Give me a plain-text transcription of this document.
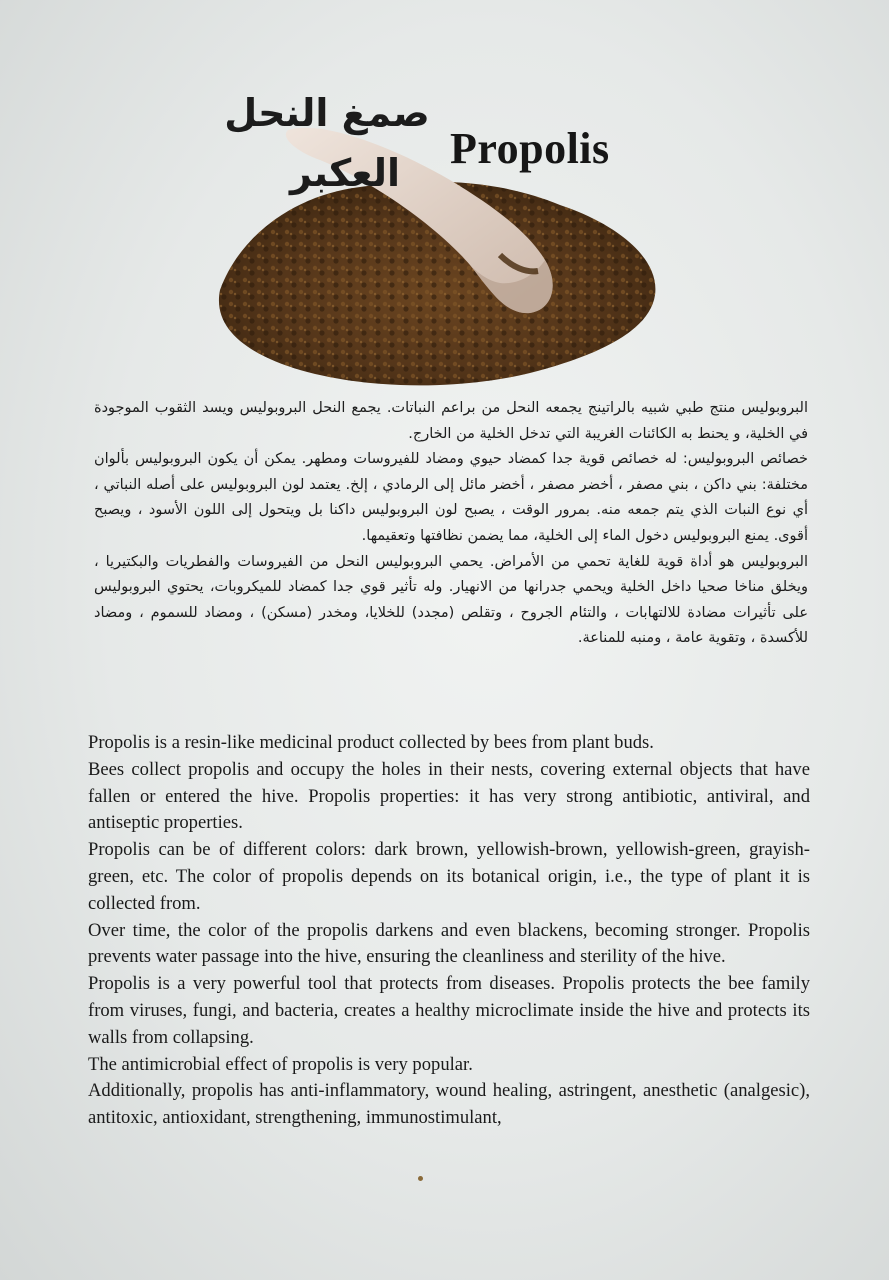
صمغ النحل
العكبر	Propolis

البروبوليس منتج طبي شبيه بالراتينج يجمعه النحل من براعم النباتات. يجمع النحل البروبوليس ويسد الثقوب الموجودة في الخلية، و يحنط به الكائنات الغريبة التي تدخل الخلية من الخارج.

خصائص البروبوليس: له خصائص قوية جدا كمضاد حيوي ومضاد للفيروسات ومطهر. يمكن أن يكون البروبوليس بألوان مختلفة: بني داكن ، بني مصفر ، أخضر مصفر ، أخضر مائل إلى الرمادي ، إلخ. يعتمد لون البروبوليس على أصله النباتي ، أي نوع النبات الذي يتم جمعه منه. بمرور الوقت ، يصبح لون البروبوليس داكنا بل ويتحول إلى اللون الأسود ، ويصبح أقوى. يمنع البروبوليس دخول الماء إلى الخلية، مما يضمن نظافتها وتعقيمها.

البروبوليس هو أداة قوية للغاية تحمي من الأمراض. يحمي البروبوليس النحل من الفيروسات والفطريات والبكتيريا ، ويخلق مناخا صحيا داخل الخلية ويحمي جدرانها من الانهيار. وله تأثير قوي جدا كمضاد للميكروبات، يحتوي البروبوليس على تأثيرات مضادة للالتهابات ، والتئام الجروح ، وتقلص (مجدد) للخلايا، ومخدر (مسكن) ، ومضاد للسموم ، ومضاد للأكسدة ، وتقوية عامة ، ومنبه للمناعة.

Propolis is a resin-like medicinal product collected by bees from plant buds.

Bees collect propolis and occupy the holes in their nests, covering external objects that have fallen or entered the hive. Propolis properties: it has very strong antibiotic, antiviral, and antiseptic properties.

Propolis can be of different colors: dark brown, yellowish-brown, yellowish-green, grayish-green, etc. The color of propolis depends on its botanical origin, i.e., the type of plant it is collected from.

Over time, the color of the propolis darkens and even blackens, becoming stronger. Propolis prevents water passage into the hive, ensuring the cleanliness and sterility of the hive.

Propolis is a very powerful tool that protects from diseases. Propolis protects the bee family from viruses, fungi, and bacteria, creates a healthy microclimate inside the hive and protects its walls from collapsing.

The antimicrobial effect of propolis is very popular.

Additionally, propolis has anti-inflammatory, wound healing, astringent, anesthetic (analgesic), antitoxic, antioxidant, strengthening, immunostimulant,
